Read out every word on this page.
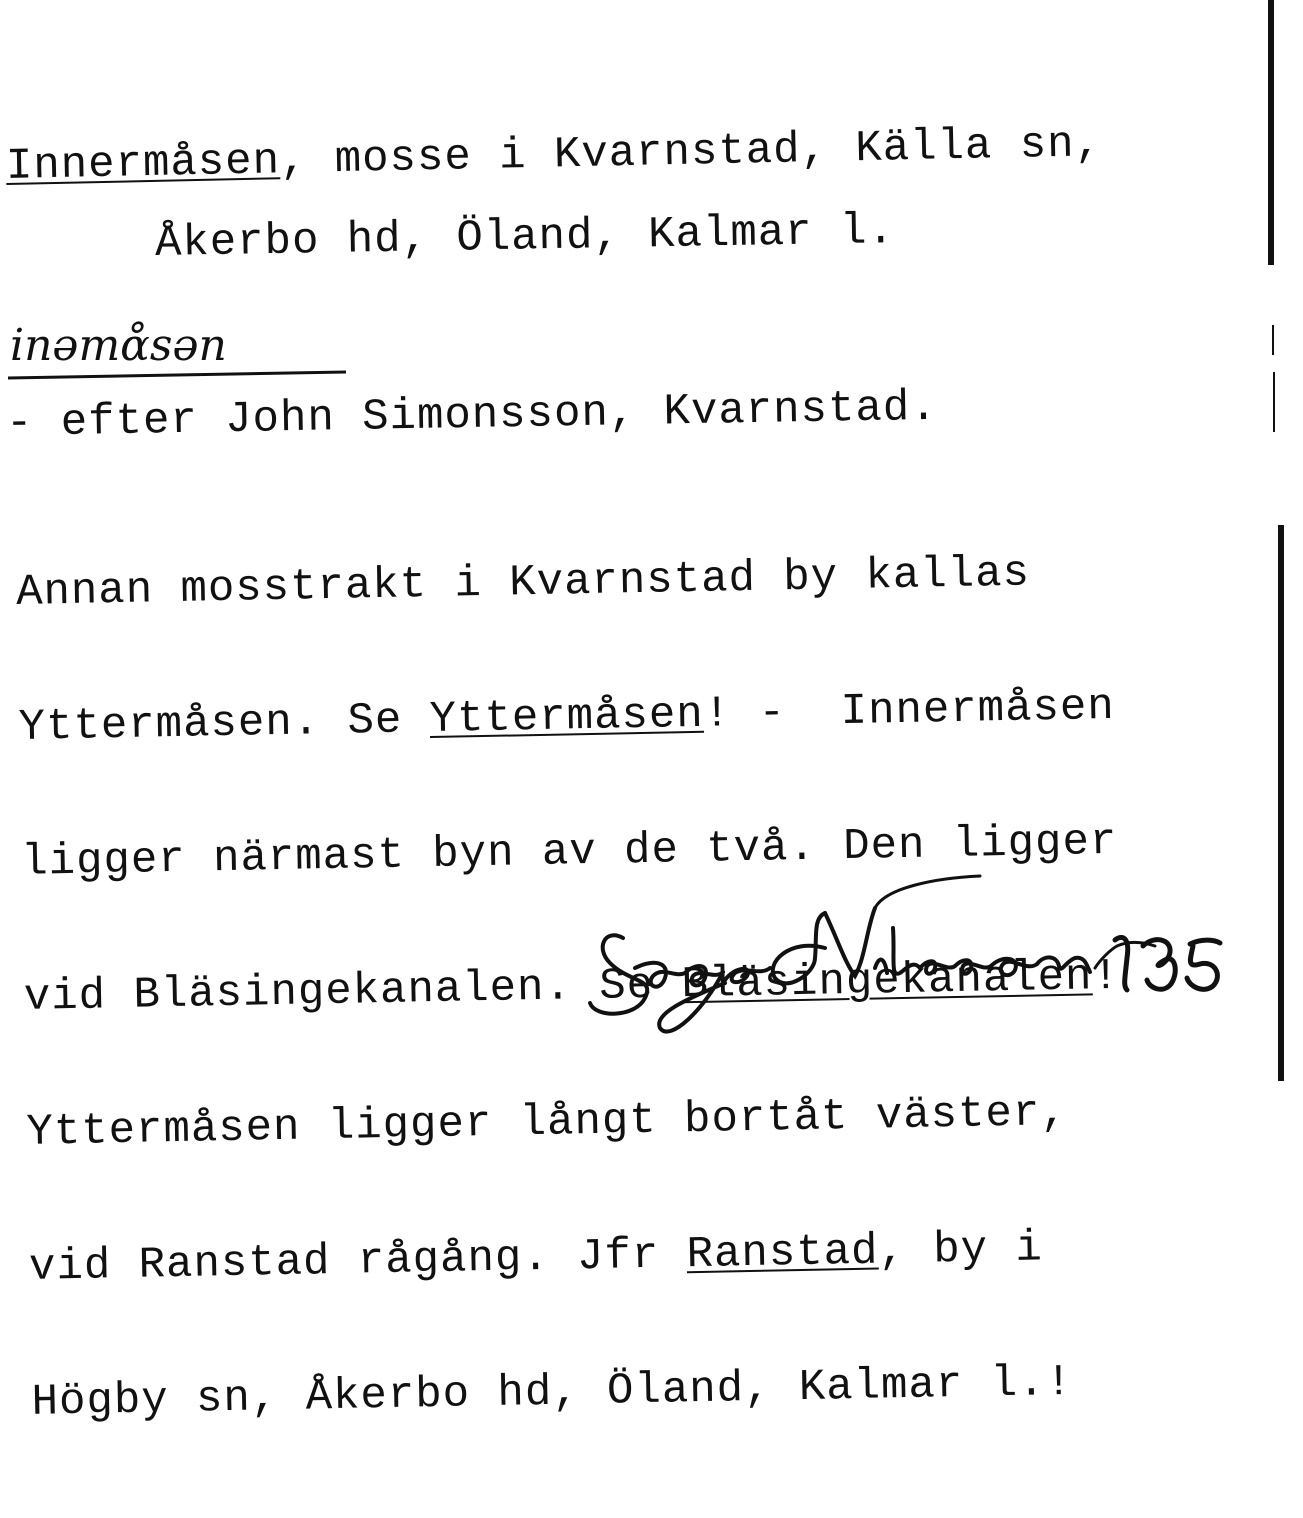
Innermåsen, mosse i Kvarnstad, Källa sn,
Åkerbo hd, Öland, Kalmar l.
inəmɑ̊sən
- efter John Simonsson, Kvarnstad.

Annan mosstrakt i Kvarnstad by kallas

Yttermåsen. Se Yttermåsen! -  Innermåsen

ligger närmast byn av de två. Den ligger

vid Bläsingekanalen. Se Bläsingekanalen!

Yttermåsen ligger långt bortåt väster,

vid Ranstad rågång. Jfr Ranstad, by i

Högby sn, Åkerbo hd, Öland, Kalmar l.!
